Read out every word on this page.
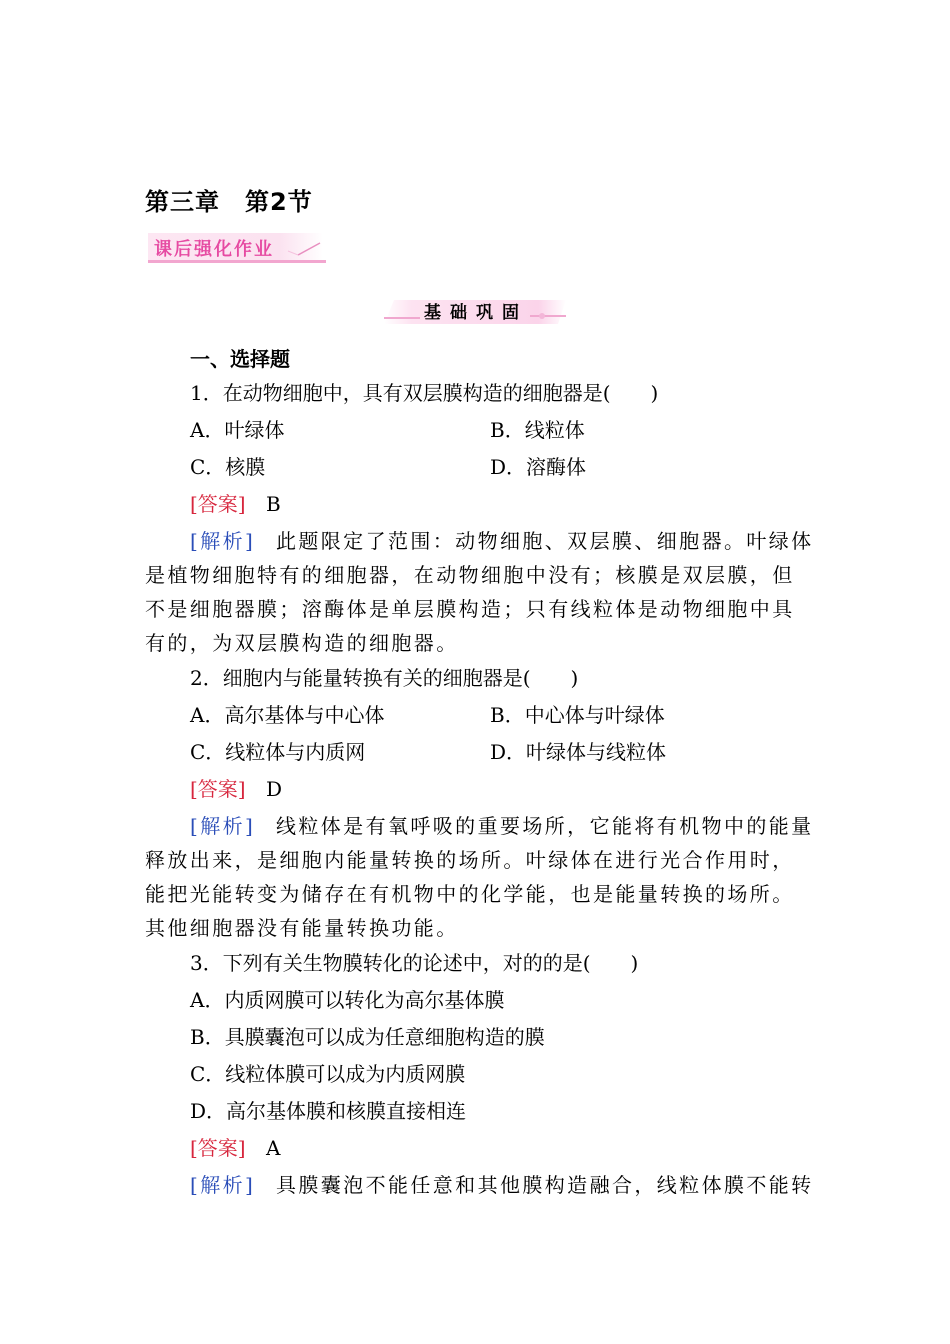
第三章　第2节
课后强化作业
基础巩固
一、选择题
1．在动物细胞中，具有双层膜构造的细胞器是(　　)
A．叶绿体	B．线粒体
C．核膜	D．溶酶体
[答案] B
[解析] 此题限定了范围：动物细胞、双层膜、细胞器。叶绿体
是植物细胞特有的细胞器，在动物细胞中没有；核膜是双层膜，但
不是细胞器膜；溶酶体是单层膜构造；只有线粒体是动物细胞中具
有的，为双层膜构造的细胞器。
2．细胞内与能量转换有关的细胞器是(　　)
A．高尔基体与中心体	B．中心体与叶绿体
C．线粒体与内质网	D．叶绿体与线粒体
[答案] D
[解析] 线粒体是有氧呼吸的重要场所，它能将有机物中的能量
释放出来，是细胞内能量转换的场所。叶绿体在进行光合作用时，
能把光能转变为储存在有机物中的化学能，也是能量转换的场所。
其他细胞器没有能量转换功能。
3．下列有关生物膜转化的论述中，对的的是(　　)
A．内质网膜可以转化为高尔基体膜
B．具膜囊泡可以成为任意细胞构造的膜
C．线粒体膜可以成为内质网膜
D．高尔基体膜和核膜直接相连
[答案] A
[解析] 具膜囊泡不能任意和其他膜构造融合，线粒体膜不能转
